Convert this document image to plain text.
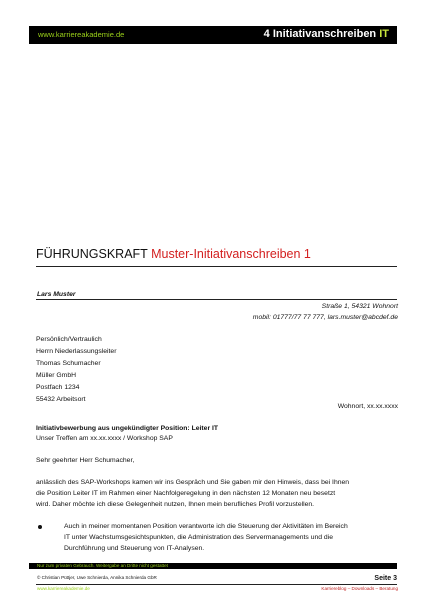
www.karriereakademie.de	4 Initiativanschreiben IT
FÜHRUNGSKRAFT Muster-Initiativanschreiben 1
Lars Muster
Straße 1, 54321 Wohnort
mobil: 01777/77 77 777, lars.muster@abcdef.de
Persönlich/Vertraulich
Herrn Niederlassungsleiter
Thomas Schumacher
Müller GmbH
Postfach 1234
55432 Arbeitsort
Wohnort, xx.xx.xxxx
Initiativbewerbung aus ungekündigter Position: Leiter IT
Unser Treffen am xx.xx.xxxx / Workshop SAP
Sehr geehrter Herr Schumacher,
anlässlich des SAP-Workshops kamen wir ins Gespräch und Sie gaben mir den Hinweis, dass bei Ihnen
die Position Leiter IT im Rahmen einer Nachfolgeregelung in den nächsten 12 Monaten neu besetzt
wird. Daher möchte ich diese Gelegenheit nutzen, Ihnen mein berufliches Profil vorzustellen.
Auch in meiner momentanen Position verantworte ich die Steuerung der Aktivitäten im Bereich
IT unter Wachstumsgesichtspunkten, die Administration des Servermanagements und die
Durchführung und Steuerung von IT-Analysen.
Nur zum privaten Gebrauch. Weitergabe an Dritte nicht gestattet
© Christian Püttjer, Uwe Schnierda, Annika Schnierda GbR	Seite 3
www.karriereakademie.de	Karriereblog – Downloads – Beratung
